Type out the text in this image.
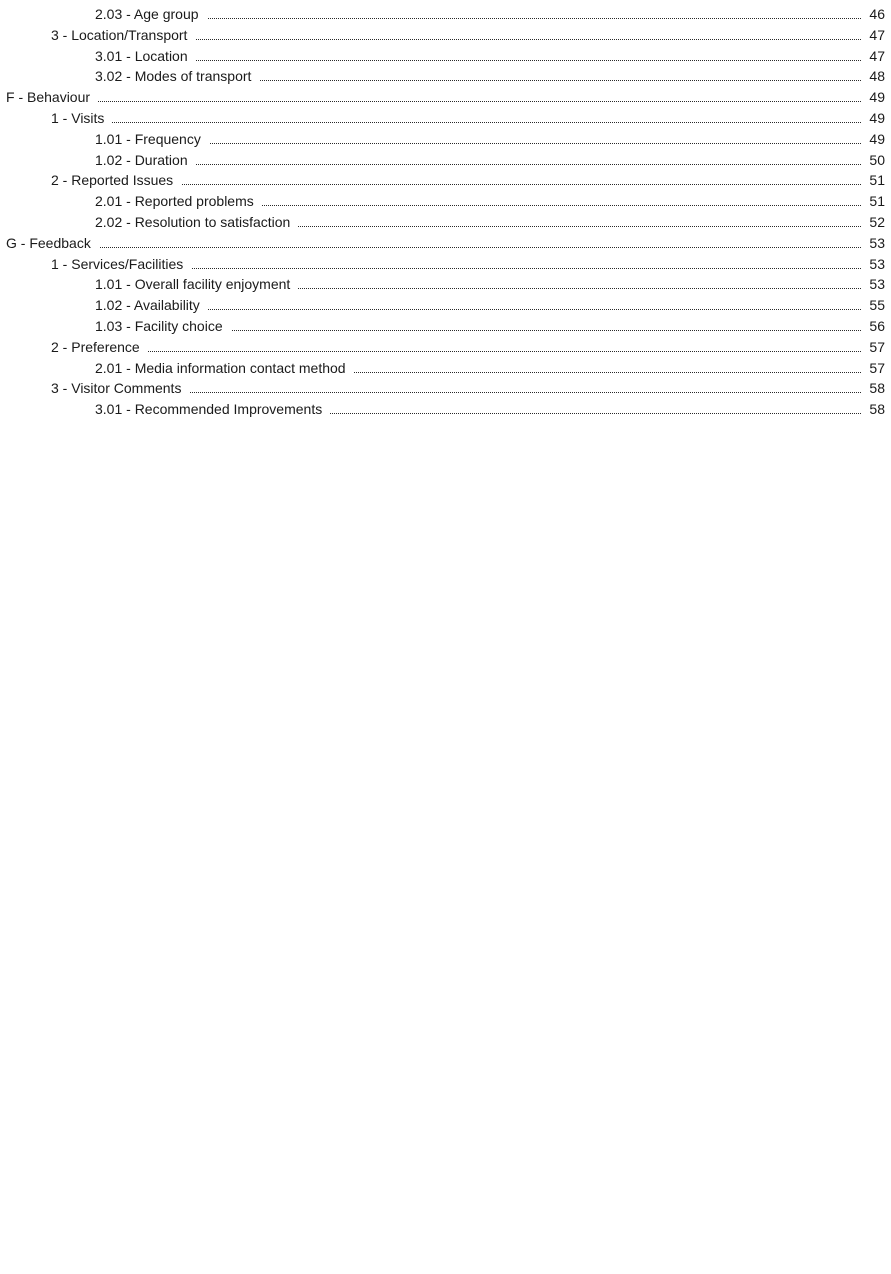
2.03 - Age group	46
3 - Location/Transport	47
3.01 - Location	47
3.02 - Modes of transport	48
F - Behaviour	49
1 - Visits	49
1.01 - Frequency	49
1.02 - Duration	50
2 - Reported Issues	51
2.01 - Reported problems	51
2.02 - Resolution to satisfaction	52
G - Feedback	53
1 - Services/Facilities	53
1.01 - Overall facility enjoyment	53
1.02 - Availability	55
1.03 - Facility choice	56
2 - Preference	57
2.01 - Media information contact method	57
3 - Visitor Comments	58
3.01 - Recommended Improvements	58
